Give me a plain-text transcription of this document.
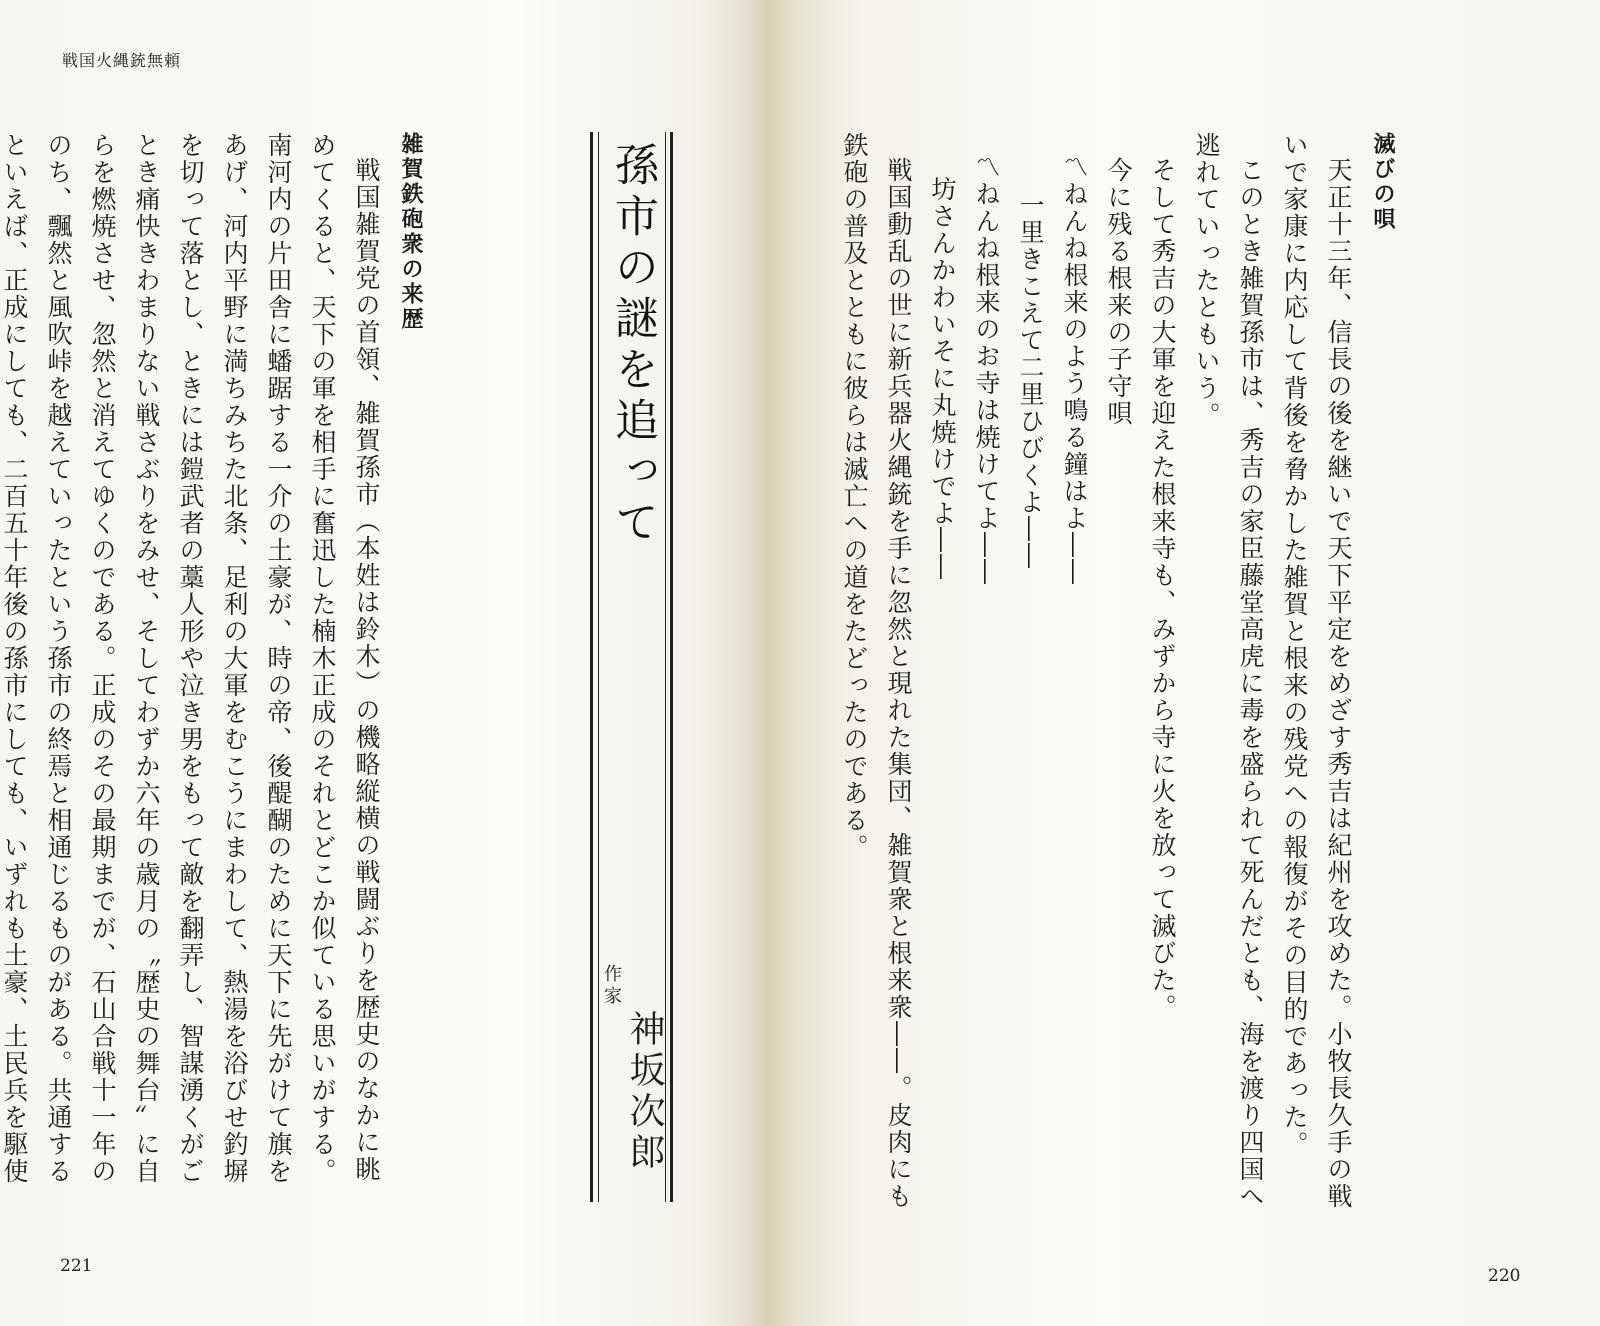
戦国火縄銃無頼

雑賀鉄砲衆の来歴

戦国雑賀党の首領、雑賀孫市（本姓は鈴木）の機略縦横の戦闘ぶりを歴史のなかに眺めてくると、天下の軍を相手に奮迅した楠木正成のそれとどこか似ている思いがする。南河内の片田舎に蟠踞する一介の土豪が、時の帝、後醍醐のために天下に先がけて旗をあげ、河内平野に満ちみちた北条、足利の大軍をむこうにまわして、熱湯を浴びせ釣塀を切って落とし、ときには鎧武者の藁人形や泣き男をもって敵を翻弄し、智謀湧くがごとき痛快きわまりない戦さぶりをみせ、そしてわずか六年の歳月の〝歴史の舞台〟に自らを燃焼させ、忽然と消えてゆくのである。正成のその最期までが、石山合戦十一年ののち、飄然と風吹峠を越えていったという孫市の終焉と相通じるものがある。共通するといえば、正成にしても、二百五十年後の孫市にしても、いずれも土豪、土民兵を駆使

孫市の謎を追って
作家
神坂次郎
221

滅びの唄

天正十三年、信長の後を継いで天下平定をめざす秀吉は紀州を攻めた。小牧長久手の戦いで家康に内応して背後を脅かした雑賀と根来の残党への報復がその目的であった。

このとき雑賀孫市は、秀吉の家臣藤堂高虎に毒を盛られて死んだとも、海を渡り四国へ逃れていったともいう。

そして秀吉の大軍を迎えた根来寺も、みずから寺に火を放って滅びた。

今に残る根来の子守唄

〽ねんね根来のよう鳴る鐘はよ――

一里きこえて二里ひびくよ――

〽ねんね根来のお寺は焼けてよ――

坊さんかわいそに丸焼けでよ――

戦国動乱の世に新兵器火縄銃を手に忽然と現れた集団、雑賀衆と根来衆――。皮肉にも鉄砲の普及とともに彼らは滅亡への道をたどったのである。

220
